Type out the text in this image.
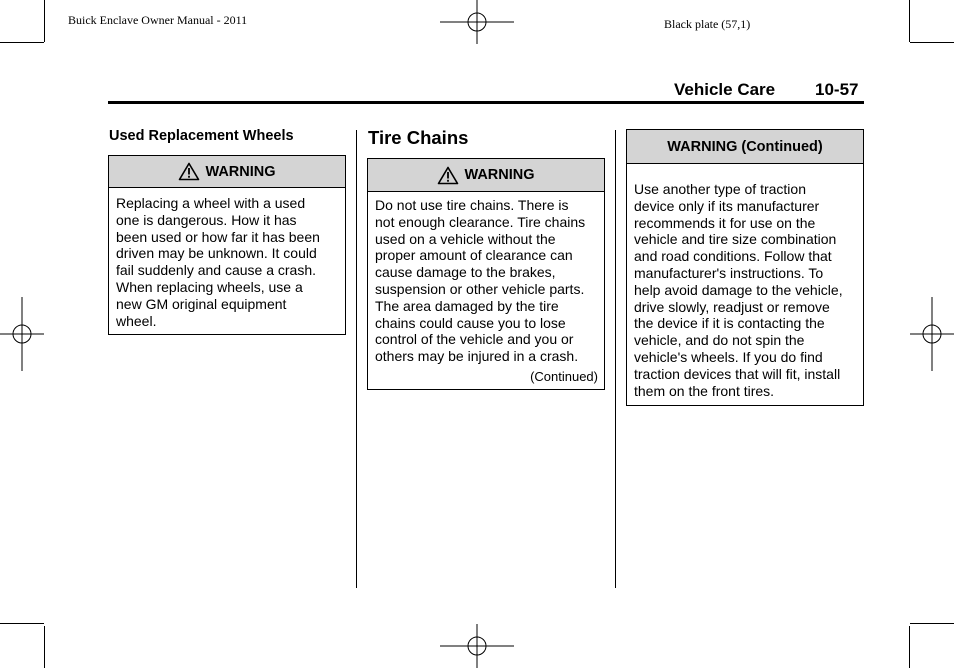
Buick Enclave Owner Manual - 2011	Black plate (57,1)
Vehicle Care 10-57
Used Replacement Wheels
WARNING
Replacing a wheel with a used
one is dangerous. How it has
been used or how far it has been
driven may be unknown. It could
fail suddenly and cause a crash.
When replacing wheels, use a
new GM original equipment
wheel.
Tire Chains
WARNING
Do not use tire chains. There is
not enough clearance. Tire chains
used on a vehicle without the
proper amount of clearance can
cause damage to the brakes,
suspension or other vehicle parts.
The area damaged by the tire
chains could cause you to lose
control of the vehicle and you or
others may be injured in a crash.
(Continued)
WARNING (Continued)
Use another type of traction
device only if its manufacturer
recommends it for use on the
vehicle and tire size combination
and road conditions. Follow that
manufacturer's instructions. To
help avoid damage to the vehicle,
drive slowly, readjust or remove
the device if it is contacting the
vehicle, and do not spin the
vehicle's wheels. If you do find
traction devices that will fit, install
them on the front tires.
